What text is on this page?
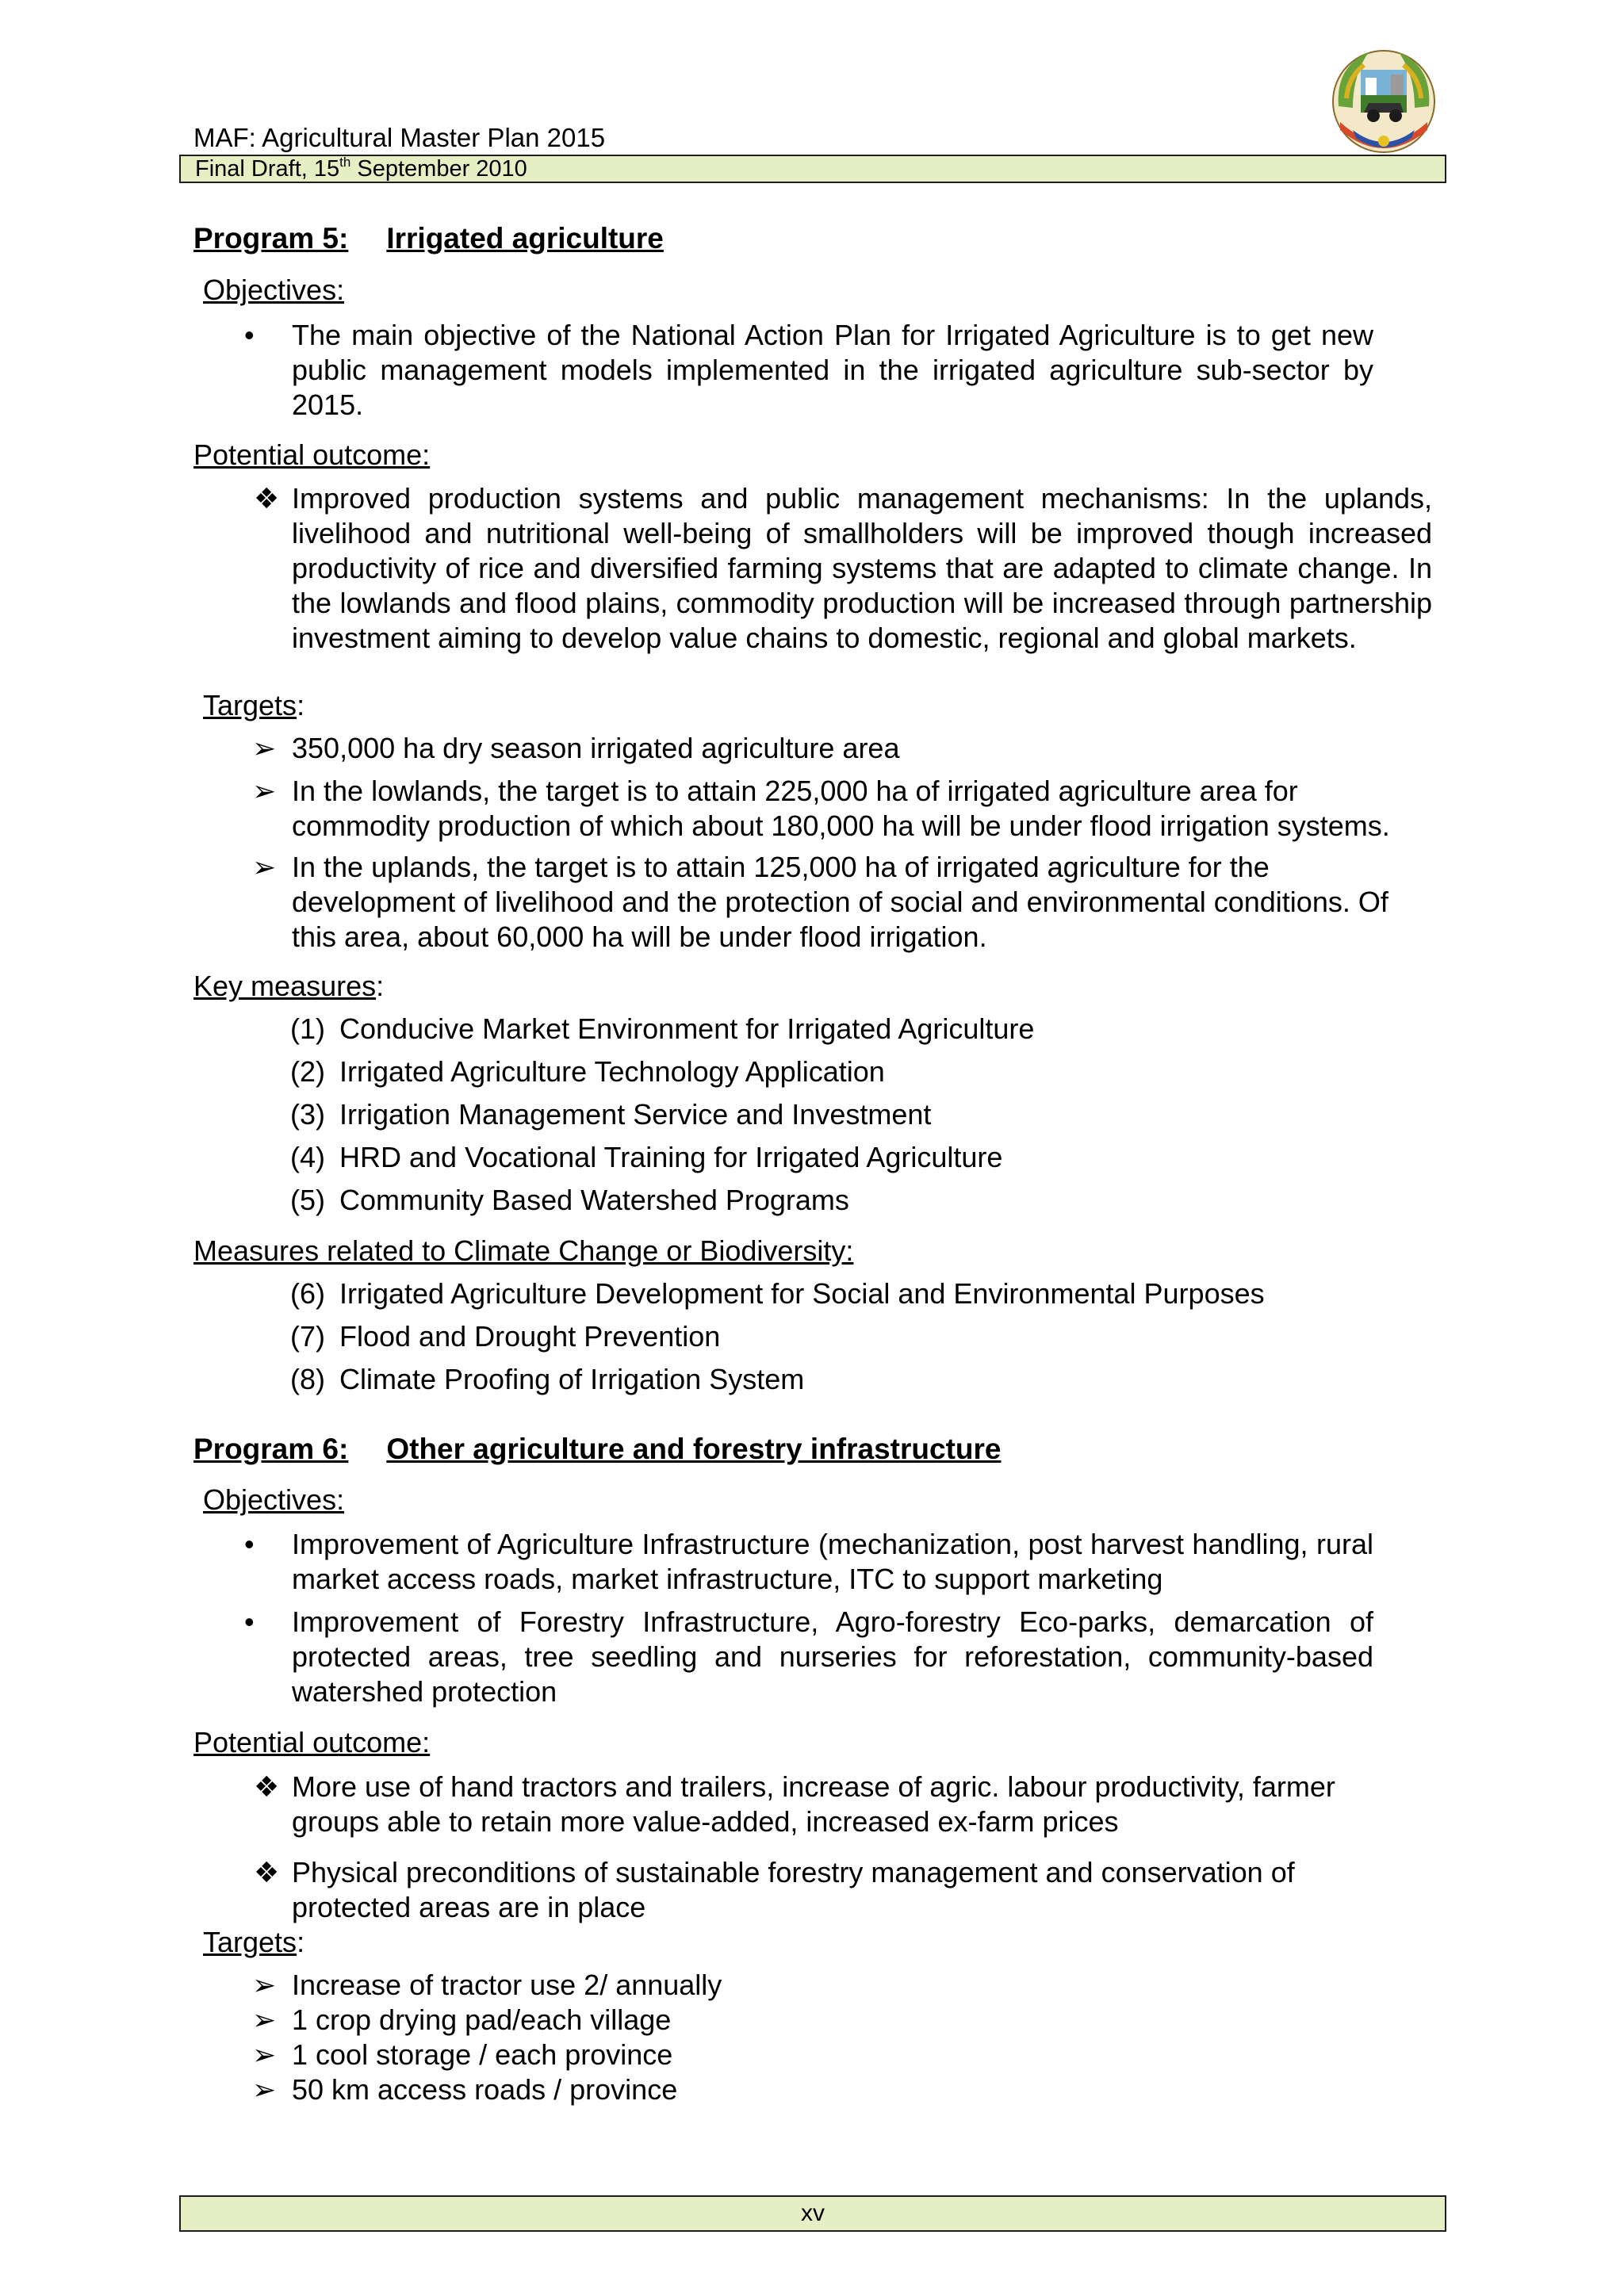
MAF: Agricultural Master Plan 2015
Final Draft, 15th September 2010
Program 5: Irrigated agriculture
Objectives:
• The main objective of the National Action Plan for Irrigated Agriculture is to get new public management models implemented in the irrigated agriculture sub-sector by 2015.
Potential outcome:
❖ Improved production systems and public management mechanisms: In the uplands, livelihood and nutritional well-being of smallholders will be improved though increased productivity of rice and diversified farming systems that are adapted to climate change. In the lowlands and flood plains, commodity production will be increased through partnership investment aiming to develop value chains to domestic, regional and global markets.
Targets:
➢ 350,000 ha dry season irrigated agriculture area
➢ In the lowlands, the target is to attain 225,000 ha of irrigated agriculture area for commodity production of which about 180,000 ha will be under flood irrigation systems.
➢ In the uplands, the target is to attain 125,000 ha of irrigated agriculture for the development of livelihood and the protection of social and environmental conditions. Of this area, about 60,000 ha will be under flood irrigation.
Key measures:
(1) Conducive Market Environment for Irrigated Agriculture
(2) Irrigated Agriculture Technology Application
(3) Irrigation Management Service and Investment
(4) HRD and Vocational Training for Irrigated Agriculture
(5) Community Based Watershed Programs
Measures related to Climate Change or Biodiversity:
(6) Irrigated Agriculture Development for Social and Environmental Purposes
(7) Flood and Drought Prevention
(8) Climate Proofing of Irrigation System
Program 6: Other agriculture and forestry infrastructure
Objectives:
• Improvement of Agriculture Infrastructure (mechanization, post harvest handling, rural market access roads, market infrastructure, ITC to support marketing
• Improvement of Forestry Infrastructure, Agro-forestry Eco-parks, demarcation of protected areas, tree seedling and nurseries for reforestation, community-based watershed protection
Potential outcome:
❖ More use of hand tractors and trailers, increase of agric. labour productivity, farmer groups able to retain more value-added, increased ex-farm prices
❖ Physical preconditions of sustainable forestry management and conservation of protected areas are in place
Targets:
➢ Increase of tractor use 2/ annually
➢ 1 crop drying pad/each village
➢ 1 cool storage / each province
➢ 50 km access roads / province
xv
